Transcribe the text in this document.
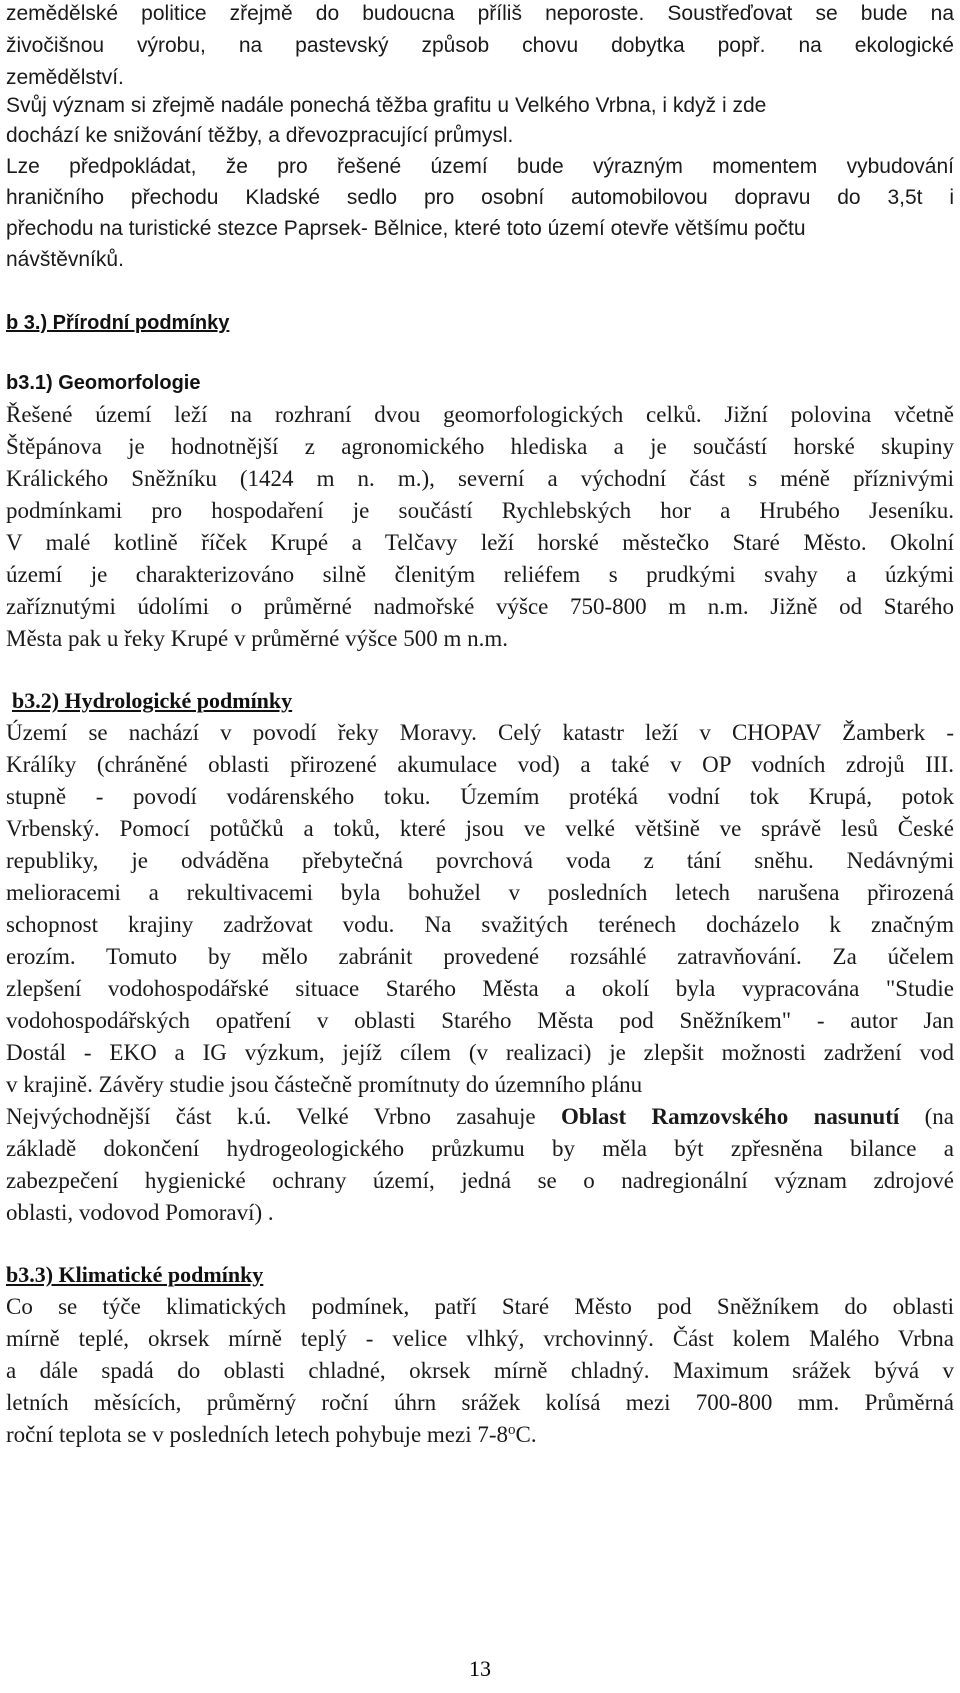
zemědělské politice zřejmě do budoucna příliš neporoste. Soustřeďovat se bude na
živočišnou výrobu, na pastevský způsob chovu dobytka popř. na ekologické
zemědělství.
Svůj význam si zřejmě nadále ponechá těžba grafitu u Velkého Vrbna, i když i zde
dochází ke snižování těžby, a dřevozpracující průmysl.
Lze předpokládat, že pro řešené území bude výrazným momentem vybudování
hraničního přechodu Kladské sedlo pro osobní automobilovou dopravu do 3,5t i
přechodu na turistické stezce Paprsek- Bělnice, které toto území otevře většímu počtu
návštěvníků.
b 3.) Přírodní podmínky
b3.1) Geomorfologie
Řešené území leží na rozhraní dvou geomorfologických celků. Jižní polovina včetně
Štěpánova je hodnotnější z agronomického hlediska a je součástí horské skupiny
Králického Sněžníku (1424 m n. m.), severní a východní část s méně příznivými
podmínkami pro hospodaření je součástí Rychlebských hor a Hrubého Jeseníku.
V malé kotlině říček Krupé a Telčavy leží horské městečko Staré Město. Okolní
území je charakterizováno silně členitým reliéfem s prudkými svahy a úzkými
zaříznutými údolími o průměrné nadmořské výšce 750-800 m n.m. Jižně od Starého
Města pak u řeky Krupé v průměrné výšce 500 m n.m.
b3.2) Hydrologické podmínky
Území se nachází v povodí řeky Moravy. Celý katastr leží v CHOPAV Žamberk -
Králíky (chráněné oblasti přirozené akumulace vod) a také v OP vodních zdrojů III.
stupně - povodí vodárenského toku. Územím protéká vodní tok Krupá, potok
Vrbenský. Pomocí potůčků a toků, které jsou ve velké většině ve správě lesů České
republiky, je odváděna přebytečná povrchová voda z tání sněhu. Nedávnými
melioracemi a rekultivacemi byla bohužel v posledních letech narušena přirozená
schopnost krajiny zadržovat vodu. Na svažitých terénech docházelo k značným
erozím. Tomuto by mělo zabránit provedené rozsáhlé zatravňování. Za účelem
zlepšení vodohospodářské situace Starého Města a okolí byla vypracována "Studie
vodohospodářských opatření v oblasti Starého Města pod Sněžníkem" - autor Jan
Dostál - EKO a IG výzkum, jejíž cílem (v realizaci) je zlepšit možnosti zadržení vod
v krajině. Závěry studie jsou částečně promítnuty do územního plánu
Nejvýchodnější část k.ú. Velké Vrbno zasahuje Oblast Ramzovského nasunutí (na
základě dokončení hydrogeologického průzkumu by měla být zpřesněna bilance a
zabezpečení hygienické ochrany území, jedná se o nadregionální význam zdrojové
oblasti, vodovod Pomoraví) .
b3.3) Klimatické podmínky
Co se týče klimatických podmínek, patří Staré Město pod Sněžníkem do oblasti
mírně teplé, okrsek mírně teplý - velice vlhký, vrchovinný. Část kolem Malého Vrbna
a dále spadá do oblasti chladné, okrsek mírně chladný. Maximum srážek bývá v
letních měsících, průměrný roční úhrn srážek kolísá mezi 700-800 mm. Průměrná
roční teplota se v posledních letech pohybuje mezi 7-8$^o$C.
13
